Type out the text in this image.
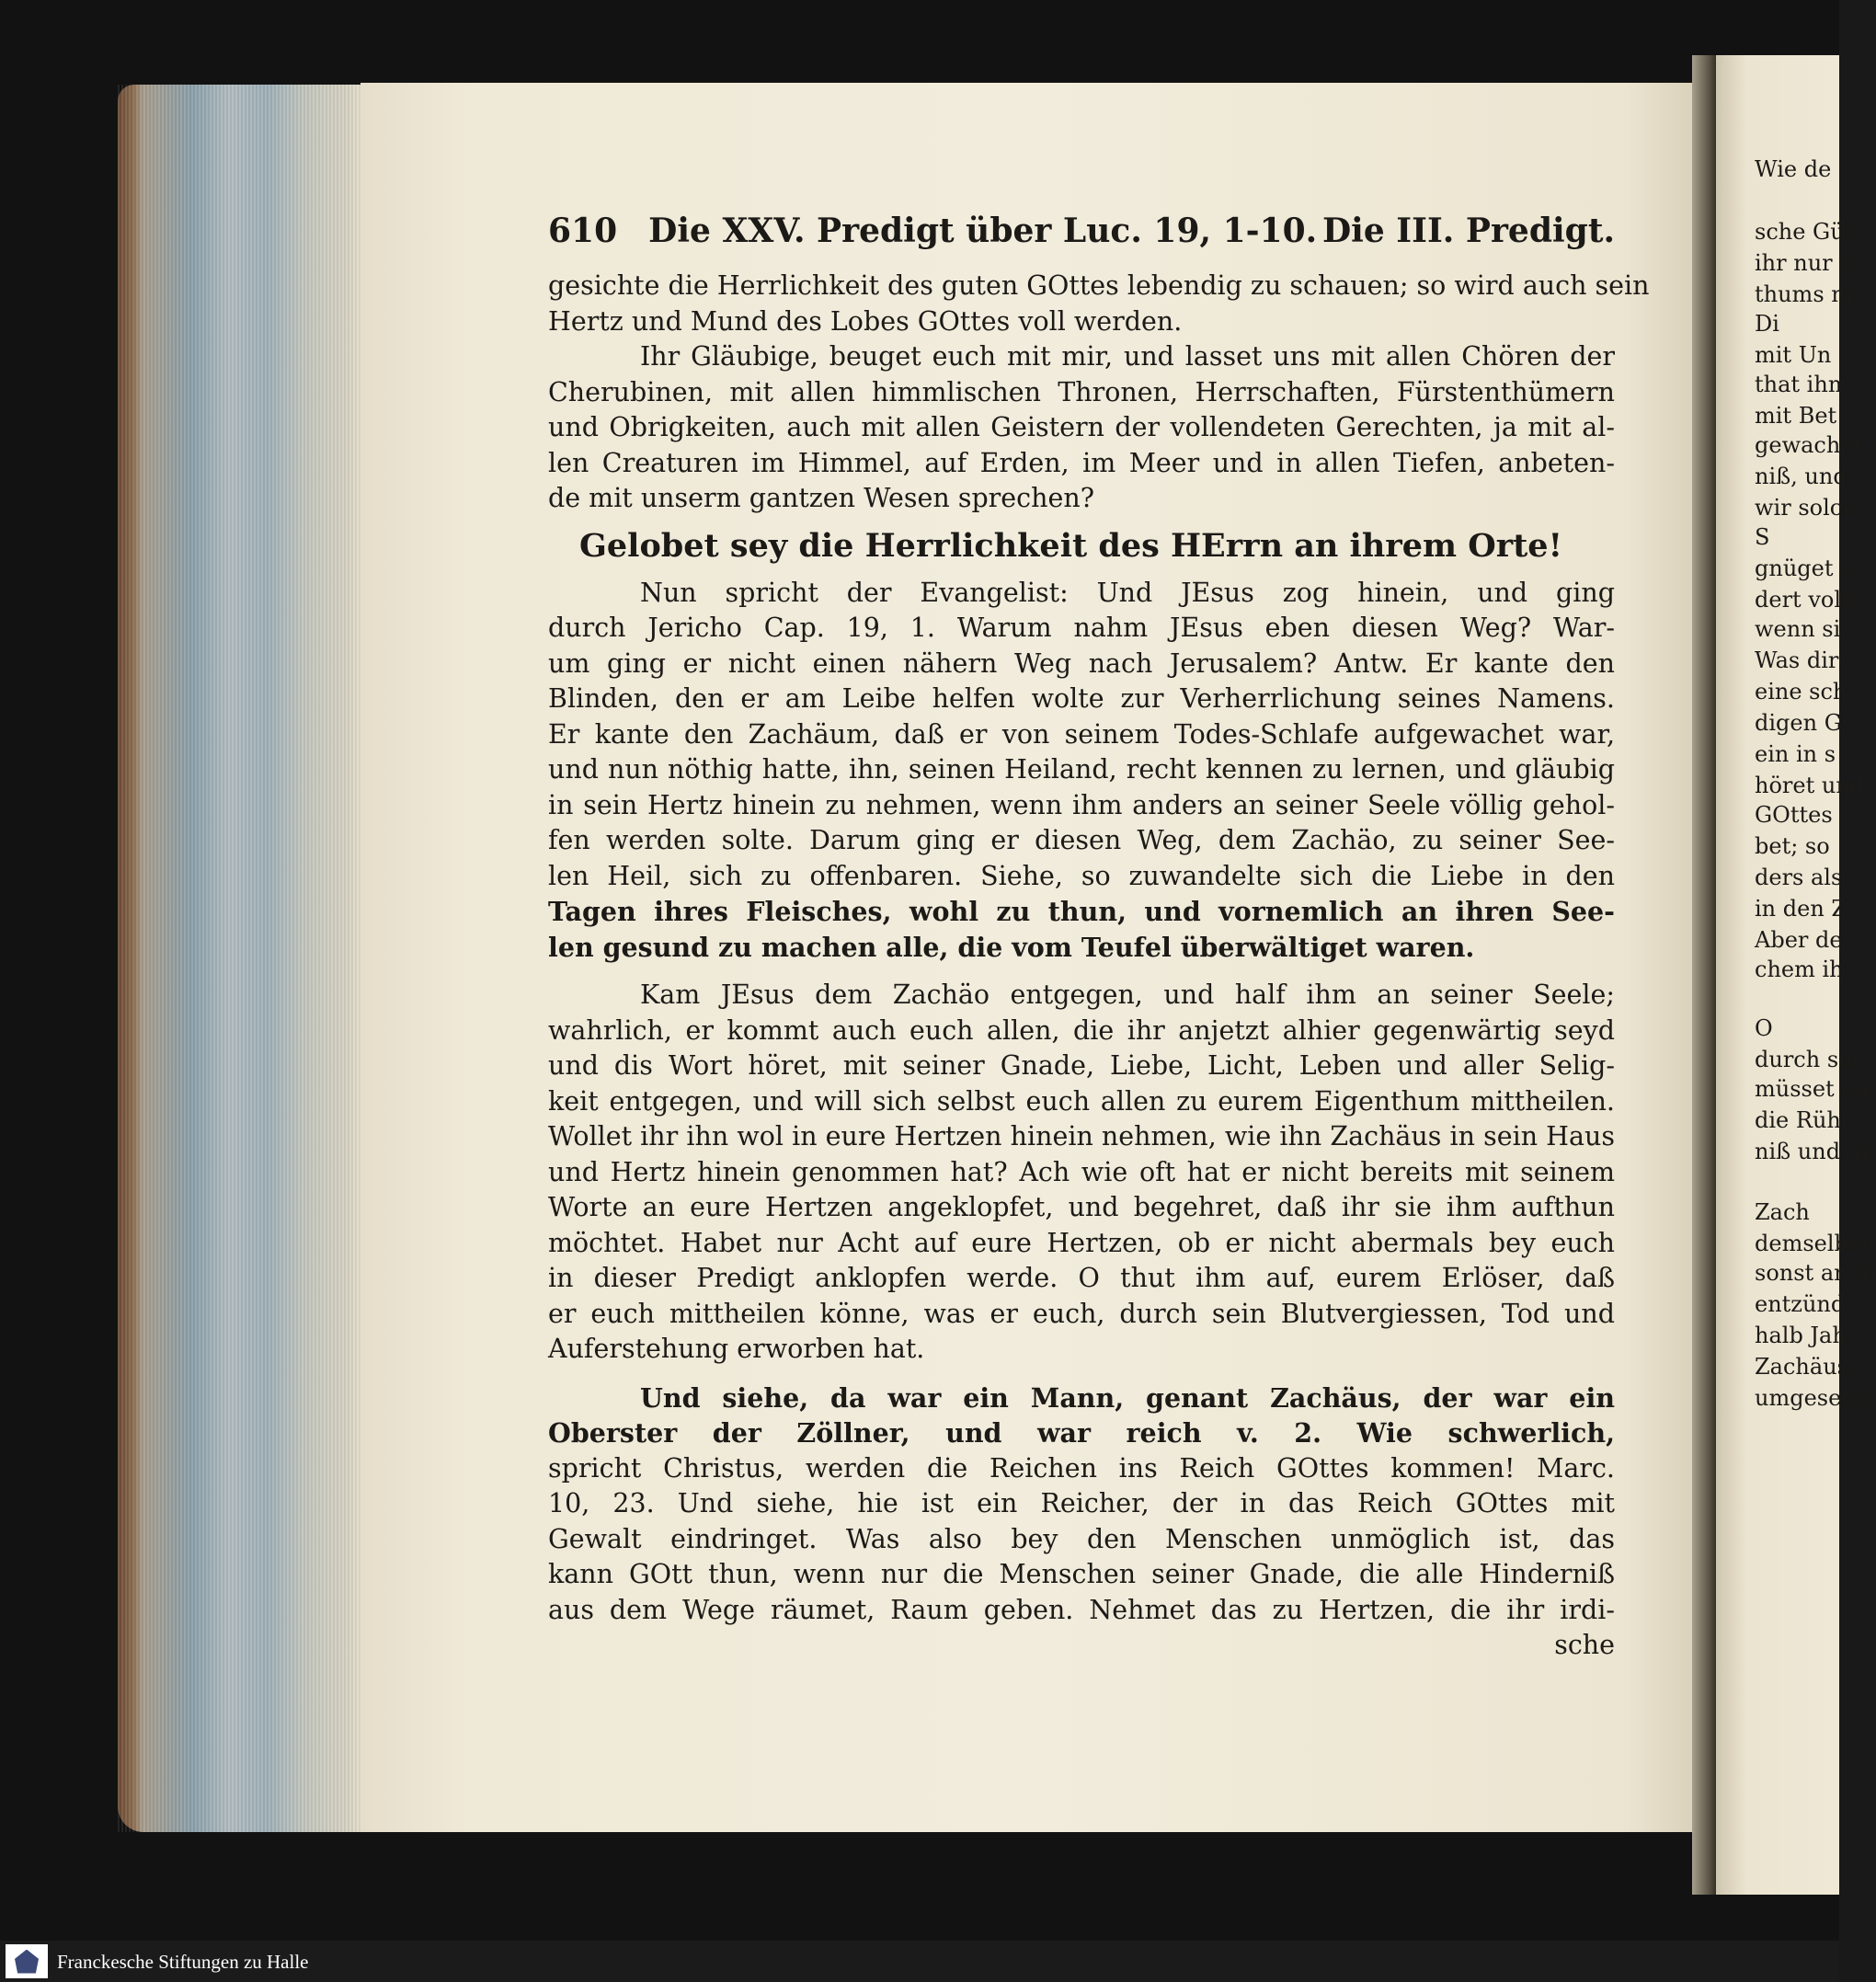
610 Die XXV. Predigt über Luc. 19, 1-10. Die III. Predigt.
gesichte die Herrlichkeit des guten GOttes lebendig zu schauen; so wird auch sein
Hertz und Mund des Lobes GOttes voll werden.
Ihr Gläubige, beuget euch mit mir, und lasset uns mit allen Chören der
Cherubinen, mit allen himmlischen Thronen, Herrschaften, Fürstenthümern
und Obrigkeiten, auch mit allen Geistern der vollendeten Gerechten, ja mit al-
len Creaturen im Himmel, auf Erden, im Meer und in allen Tiefen, anbeten-
de mit unserm gantzen Wesen sprechen?
Gelobet sey die Herrlichkeit des HErrn an ihrem Orte!
Nun spricht der Evangelist: Und JEsus zog hinein, und ging
durch Jericho Cap. 19, 1. Warum nahm JEsus eben diesen Weg? War-
um ging er nicht einen nähern Weg nach Jerusalem? Antw. Er kante den
Blinden, den er am Leibe helfen wolte zur Verherrlichung seines Namens.
Er kante den Zachäum, daß er von seinem Todes-Schlafe aufgewachet war,
und nun nöthig hatte, ihn, seinen Heiland, recht kennen zu lernen, und gläubig
in sein Hertz hinein zu nehmen, wenn ihm anders an seiner Seele völlig gehol-
fen werden solte. Darum ging er diesen Weg, dem Zachäo, zu seiner See-
len Heil, sich zu offenbaren. Siehe, so zuwandelte sich die Liebe in den
Tagen ihres Fleisches, wohl zu thun, und vornemlich an ihren See-
len gesund zu machen alle, die vom Teufel überwältiget waren.
Kam JEsus dem Zachäo entgegen, und half ihm an seiner Seele;
wahrlich, er kommt auch euch allen, die ihr anjetzt alhier gegenwärtig seyd
und dis Wort höret, mit seiner Gnade, Liebe, Licht, Leben und aller Selig-
keit entgegen, und will sich selbst euch allen zu eurem Eigenthum mittheilen.
Wollet ihr ihn wol in eure Hertzen hinein nehmen, wie ihn Zachäus in sein Haus
und Hertz hinein genommen hat? Ach wie oft hat er nicht bereits mit seinem
Worte an eure Hertzen angeklopfet, und begehret, daß ihr sie ihm aufthun
möchtet. Habet nur Acht auf eure Hertzen, ob er nicht abermals bey euch
in dieser Predigt anklopfen werde. O thut ihm auf, eurem Erlöser, daß
er euch mittheilen könne, was er euch, durch sein Blutvergiessen, Tod und
Auferstehung erworben hat.
Und siehe, da war ein Mann, genant Zachäus, der war ein
Oberster der Zöllner, und war reich v. 2. Wie schwerlich,
spricht Christus, werden die Reichen ins Reich GOttes kommen! Marc.
10, 23. Und siehe, hie ist ein Reicher, der in das Reich GOttes mit
Gewalt eindringet. Was also bey den Menschen unmöglich ist, das
kann GOtt thun, wenn nur die Menschen seiner Gnade, die alle Hinderniß
aus dem Wege räumet, Raum geben. Nehmet das zu Hertzen, die ihr irdi-
sche
Wie de
sche Güt
ihr nur e
thums ni
Di
mit Un
that ihm
mit Bet
gewachet
niß, und
wir solch
S
gnüget e
dert vollb
wenn si
Was dir
eine sch
digen G
ein in s
höret und
GOttes
bet; so
ders als
in den Z
Aber de
chem ih
O
durch sei
müsset au
die Rühr
niß und in
Zach
demselben
sonst an ih
entzünd
halb Jah
Zachäus
umgesehe
Franckesche Stiftungen zu Halle
